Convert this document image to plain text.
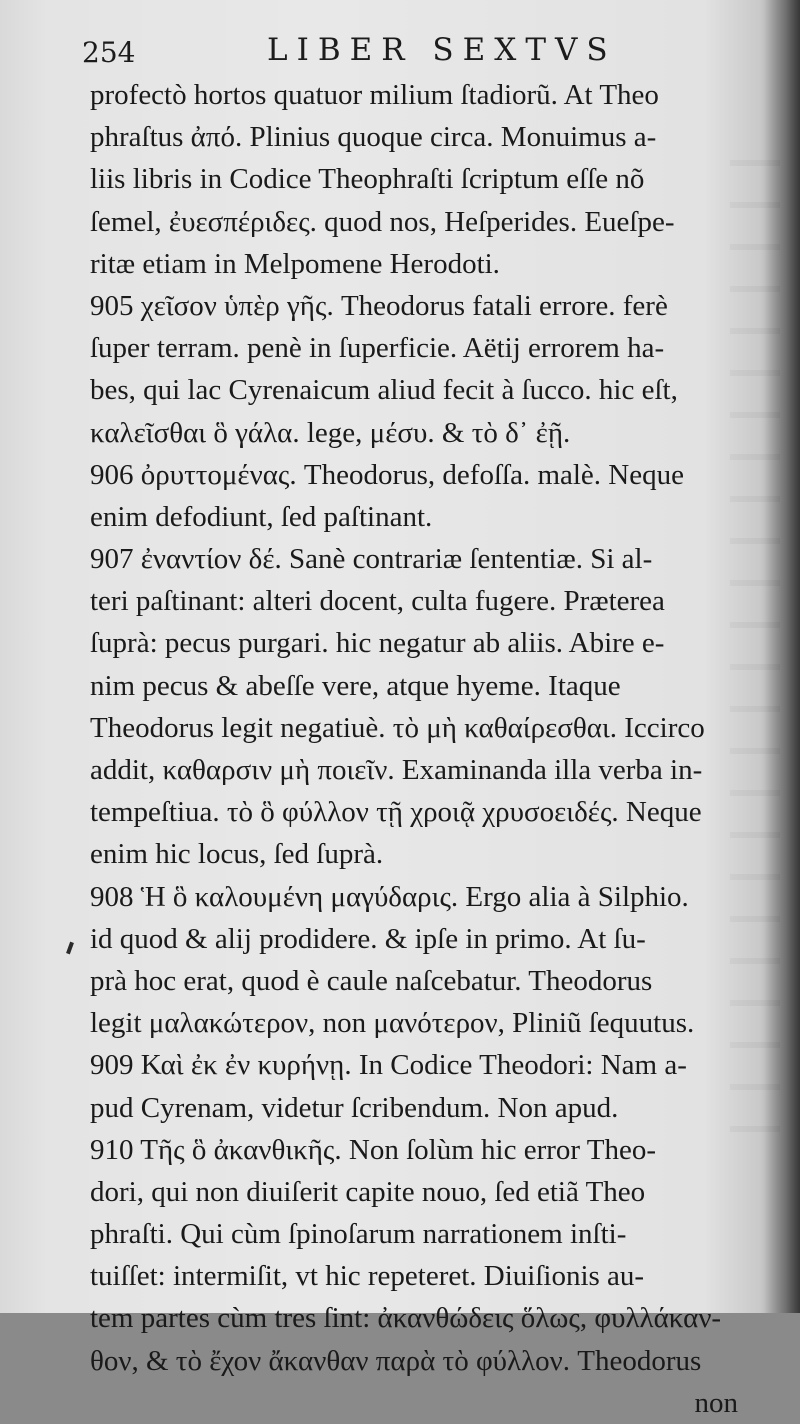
254	LIBER SEXTVS
profectò hortos quatuor milium ſtadiorũ. At Theo
phraſtus ἀπό. Plinius quoque circa. Monuimus a-
liis libris in Codice Theophraſti ſcriptum eſſe nõ
ſemel, ἐυεσπέριδες. quod nos, Heſperides. Eueſpe-
ritæ etiam in Melpomene Herodoti.
905 χεῖσον ὑπὲρ γῆς. Theodorus fatali errore. ferè
ſuper terram. penè in ſuperficie. Aëtij errorem ha-
bes, qui lac Cyrenaicum aliud fecit à ſucco. hic eſt,
καλεῖσθαι ὃ γάλα. lege, μέσυ. & τὸ δ᾽ ἐῇ.
906 ὀρυττομένας. Theodorus, defoſſa. malè. Neque
enim defodiunt, ſed paſtinant.
907 ἐναντίον δέ. Sanè contrariæ ſententiæ. Si al-
teri paſtinant: alteri docent, culta fugere. Præterea
ſuprà: pecus purgari. hic negatur ab aliis. Abire e-
nim pecus & abeſſe vere, atque hyeme. Itaque
Theodorus legit negatiuè. τὸ μὴ καθαίρεσθαι. Iccirco
addit, καθαρσιν μὴ ποιεῖν. Examinanda illa verba in-
tempeſtiua. τὸ ὃ φύλλον τῇ χροιᾷ χρυσοειδές. Neque
enim hic locus, ſed ſuprà.
908 Ἡ ὃ καλουμένη μαγύδαρις. Ergo alia à Silphio.
id quod & alij prodidere. & ipſe in primo. At ſu-
prà hoc erat, quod è caule naſcebatur. Theodorus
legit μαλακώτερον, non μανότερον, Pliniũ ſequutus.
909 Καὶ ἐκ ἐν κυρήνῃ. In Codice Theodori: Nam a-
pud Cyrenam, videtur ſcribendum. Non apud.
910 Τῆς ὃ ἀκανθικῆς. Non ſolùm hic error Theo-
dori, qui non diuiſerit capite nouo, ſed etiã Theo
phraſti. Qui cùm ſpinoſarum narrationem inſti-
tuiſſet: intermiſit, vt hic repeteret. Diuiſionis au-
tem partes cùm tres ſint: ἀκανθώδεις ὅλως, φυλλάκαν-
θον, & τὸ ἔχον ἄκανθαν παρὰ τὸ φύλλον. Theodorus
non
